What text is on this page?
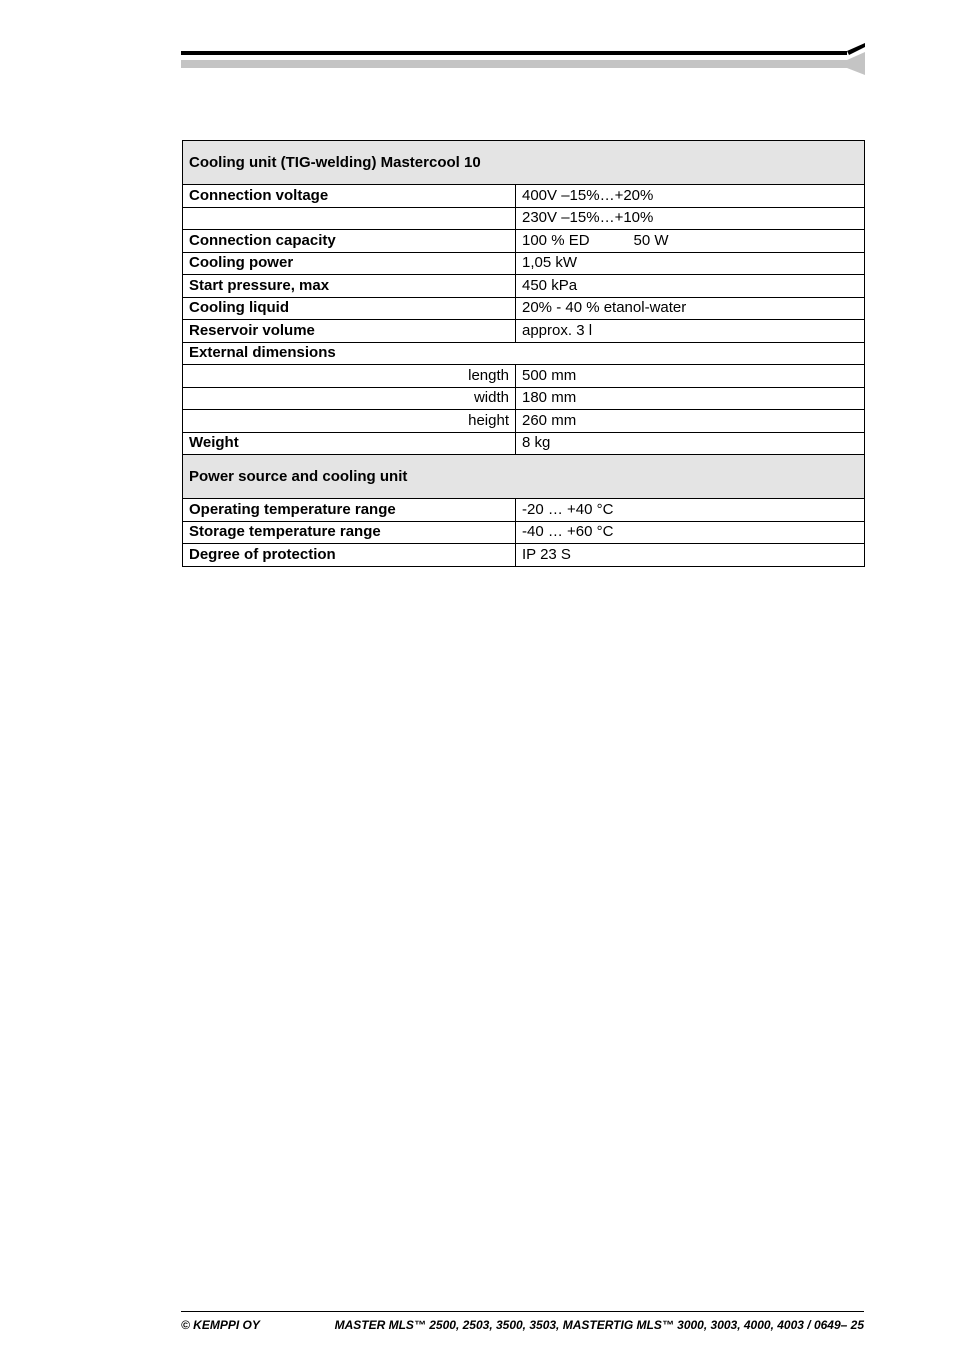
Cooling unit (TIG-welding) Mastercool 10	
Connection voltage	400V –15%…+20%
	230V –15%…+10%
Connection capacity	100 % ED 50 W
Cooling power	1,05 kW
Start pressure, max	450 kPa
Cooling liquid	20% - 40 % etanol-water
Reservoir volume	approx. 3 l
External dimensions	
length	500 mm
width	180 mm
height	260 mm
Weight	8 kg
Power source and cooling unit	
Operating temperature range	-20 … +40 °C
Storage temperature range	-40 … +60 °C
Degree of protection	IP 23 S
© KEMPPI OY	MASTER MLS™ 2500, 2503, 3500, 3503, MASTERTIG MLS™ 3000, 3003, 4000, 4003 / 0649– 25
